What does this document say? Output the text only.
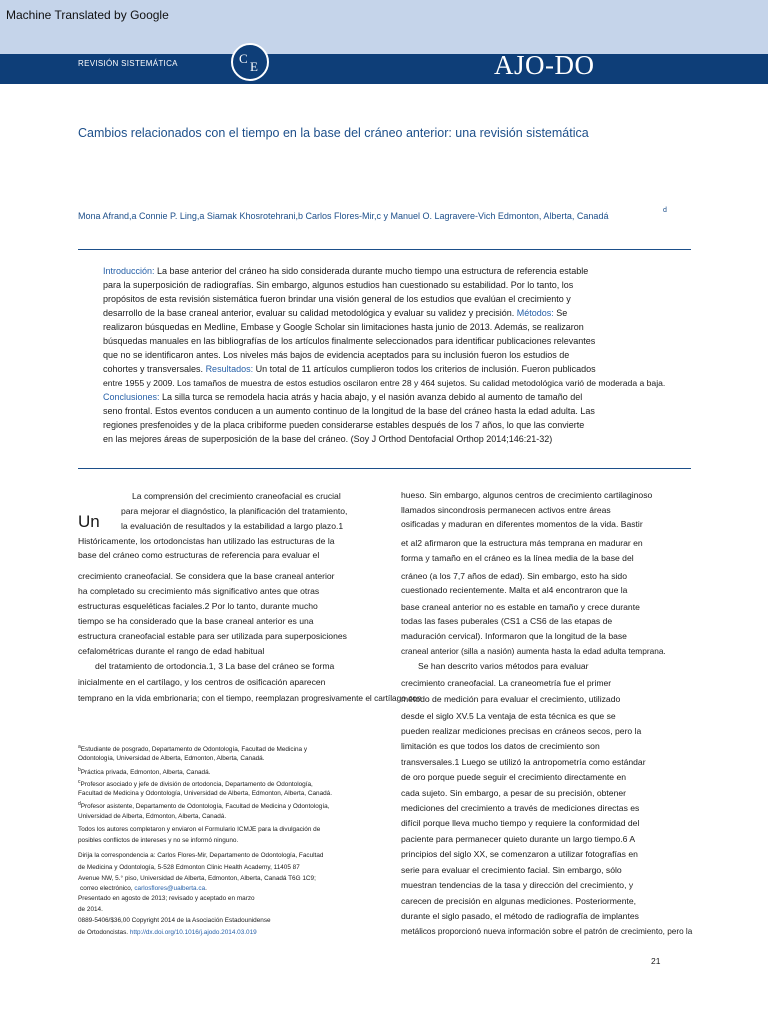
Machine Translated by Google
REVISIÓN SISTEMÁTICA	C
E	AJO-DO
Cambios relacionados con el tiempo en la base del cráneo anterior: una revisión sistemática
Mona Afrand,a Connie P. Ling,a Siamak Khosrotehrani,b Carlos Flores-Mir,c y Manuel O. Lagravere-Vich Edmonton, Alberta, Canadá
d
Introducción: La base anterior del cráneo ha sido considerada durante mucho tiempo una estructura de referencia estable
para la superposición de radiografías. Sin embargo, algunos estudios han cuestionado su estabilidad. Por lo tanto, los
propósitos de esta revisión sistemática fueron brindar una visión general de los estudios que evalúan el crecimiento y
desarrollo de la base craneal anterior, evaluar su calidad metodológica y evaluar su validez y precisión. Métodos: Se
realizaron búsquedas en Medline, Embase y Google Scholar sin limitaciones hasta junio de 2013. Además, se realizaron
búsquedas manuales en las bibliografías de los artículos finalmente seleccionados para identificar publicaciones relevantes
que no se identificaron antes. Los niveles más bajos de evidencia aceptados para su inclusión fueron los estudios de
cohortes y transversales. Resultados: Un total de 11 artículos cumplieron todos los criterios de inclusión. Fueron publicados
entre 1955 y 2009. Los tamaños de muestra de estos estudios oscilaron entre 28 y 464 sujetos. Su calidad metodológica varió de moderada a baja.
Conclusiones: La silla turca se remodela hacia atrás y hacia abajo, y el nasión avanza debido al aumento de tamaño del
seno frontal. Estos eventos conducen a un aumento continuo de la longitud de la base del cráneo hasta la edad adulta. Las
regiones presfenoides y de la placa cribiforme pueden considerarse estables después de los 7 años, lo que las convierte
en las mejores áreas de superposición de la base del cráneo. (Soy J Orthod Dentofacial Orthop 2014;146:21-32)
Un
La comprensión del crecimiento craneofacial es crucial
para mejorar el diagnóstico, la planificación del tratamiento,
la evaluación de resultados y la estabilidad a largo plazo.1
Históricamente, los ortodoncistas han utilizado las estructuras de la
base del cráneo como estructuras de referencia para evaluar el
crecimiento craneofacial. Se considera que la base craneal anterior
ha completado su crecimiento más significativo antes que otras
estructuras esqueléticas faciales.2 Por lo tanto, durante mucho
tiempo se ha considerado que la base craneal anterior es una
estructura craneofacial estable para ser utilizada para superposiciones
cefalométricas durante el rango de edad habitual
del tratamiento de ortodoncia.1, 3 La base del cráneo se forma
inicialmente en el cartílago, y los centros de osificación aparecen
temprano en la vida embrionaria; con el tiempo, reemplazan progresivamente el cartílago con
hueso. Sin embargo, algunos centros de crecimiento cartilaginoso
llamados sincondrosis permanecen activos entre áreas
osificadas y maduran en diferentes momentos de la vida. Bastir
et al2 afirmaron que la estructura más temprana en madurar en
forma y tamaño en el cráneo es la línea media de la base del
cráneo (a los 7,7 años de edad). Sin embargo, esto ha sido
cuestionado recientemente. Malta et al4 encontraron que la
base craneal anterior no es estable en tamaño y crece durante
todas las fases puberales (CS1 a CS6 de las etapas de
maduración cervical). Informaron que la longitud de la base
craneal anterior (silla a nasión) aumenta hasta la edad adulta temprana.
Se han descrito varios métodos para evaluar
crecimiento craneofacial. La craneometría fue el primer
método de medición para evaluar el crecimiento, utilizado
desde el siglo XV.5 La ventaja de esta técnica es que se
pueden realizar mediciones precisas en cráneos secos, pero la
limitación es que todos los datos de crecimiento son
transversales.1 Luego se utilizó la antropometría como estándar
de oro porque puede seguir el crecimiento directamente en
cada sujeto. Sin embargo, a pesar de su precisión, obtener
mediciones del crecimiento a través de mediciones directas es
difícil porque lleva mucho tiempo y requiere la conformidad del
paciente para permanecer quieto durante un largo tiempo.6 A
principios del siglo XX, se comenzaron a utilizar fotografías en
serie para evaluar el crecimiento facial. Sin embargo, sólo
muestran tendencias de la tasa y dirección del crecimiento, y
carecen de precisión en algunas mediciones. Posteriormente,
durante el siglo pasado, el método de radiografía de implantes
metálicos proporcionó nueva información sobre el patrón de crecimiento, pero la
$^a$Estudiante de posgrado, Departamento de Odontología, Facultad de Medicina y
Odontología, Universidad de Alberta, Edmonton, Alberta, Canadá.
$^b$Práctica privada, Edmonton, Alberta, Canadá.
$^c$Profesor asociado y jefe de división de ortodoncia, Departamento de Odontología,
Facultad de Medicina y Odontología, Universidad de Alberta, Edmonton, Alberta, Canadá.
$^d$Profesor asistente, Departamento de Odontología, Facultad de Medicina y Odontología,
Universidad de Alberta, Edmonton, Alberta, Canadá.
Todos los autores completaron y enviaron el Formulario ICMJE para la divulgación de
posibles conflictos de intereses y no se informó ninguno.
Dirija la correspondencia a: Carlos Flores-Mir, Departamento de Odontología, Facultad
de Medicina y Odontología, 5-528 Edmonton Clinic Health Academy, 11405 87
Avenue NW, 5.° piso, Universidad de Alberta, Edmonton, Alberta, Canadá T6G 1C9;
correo electrónico, carlosflores@ualberta.ca.
Presentado en agosto de 2013; revisado y aceptado en marzo
de 2014.
0889-5406/$36,00 Copyright 2014 de la Asociación Estadounidense
de Ortodoncistas. http://dx.doi.org/10.1016/j.ajodo.2014.03.019
21
